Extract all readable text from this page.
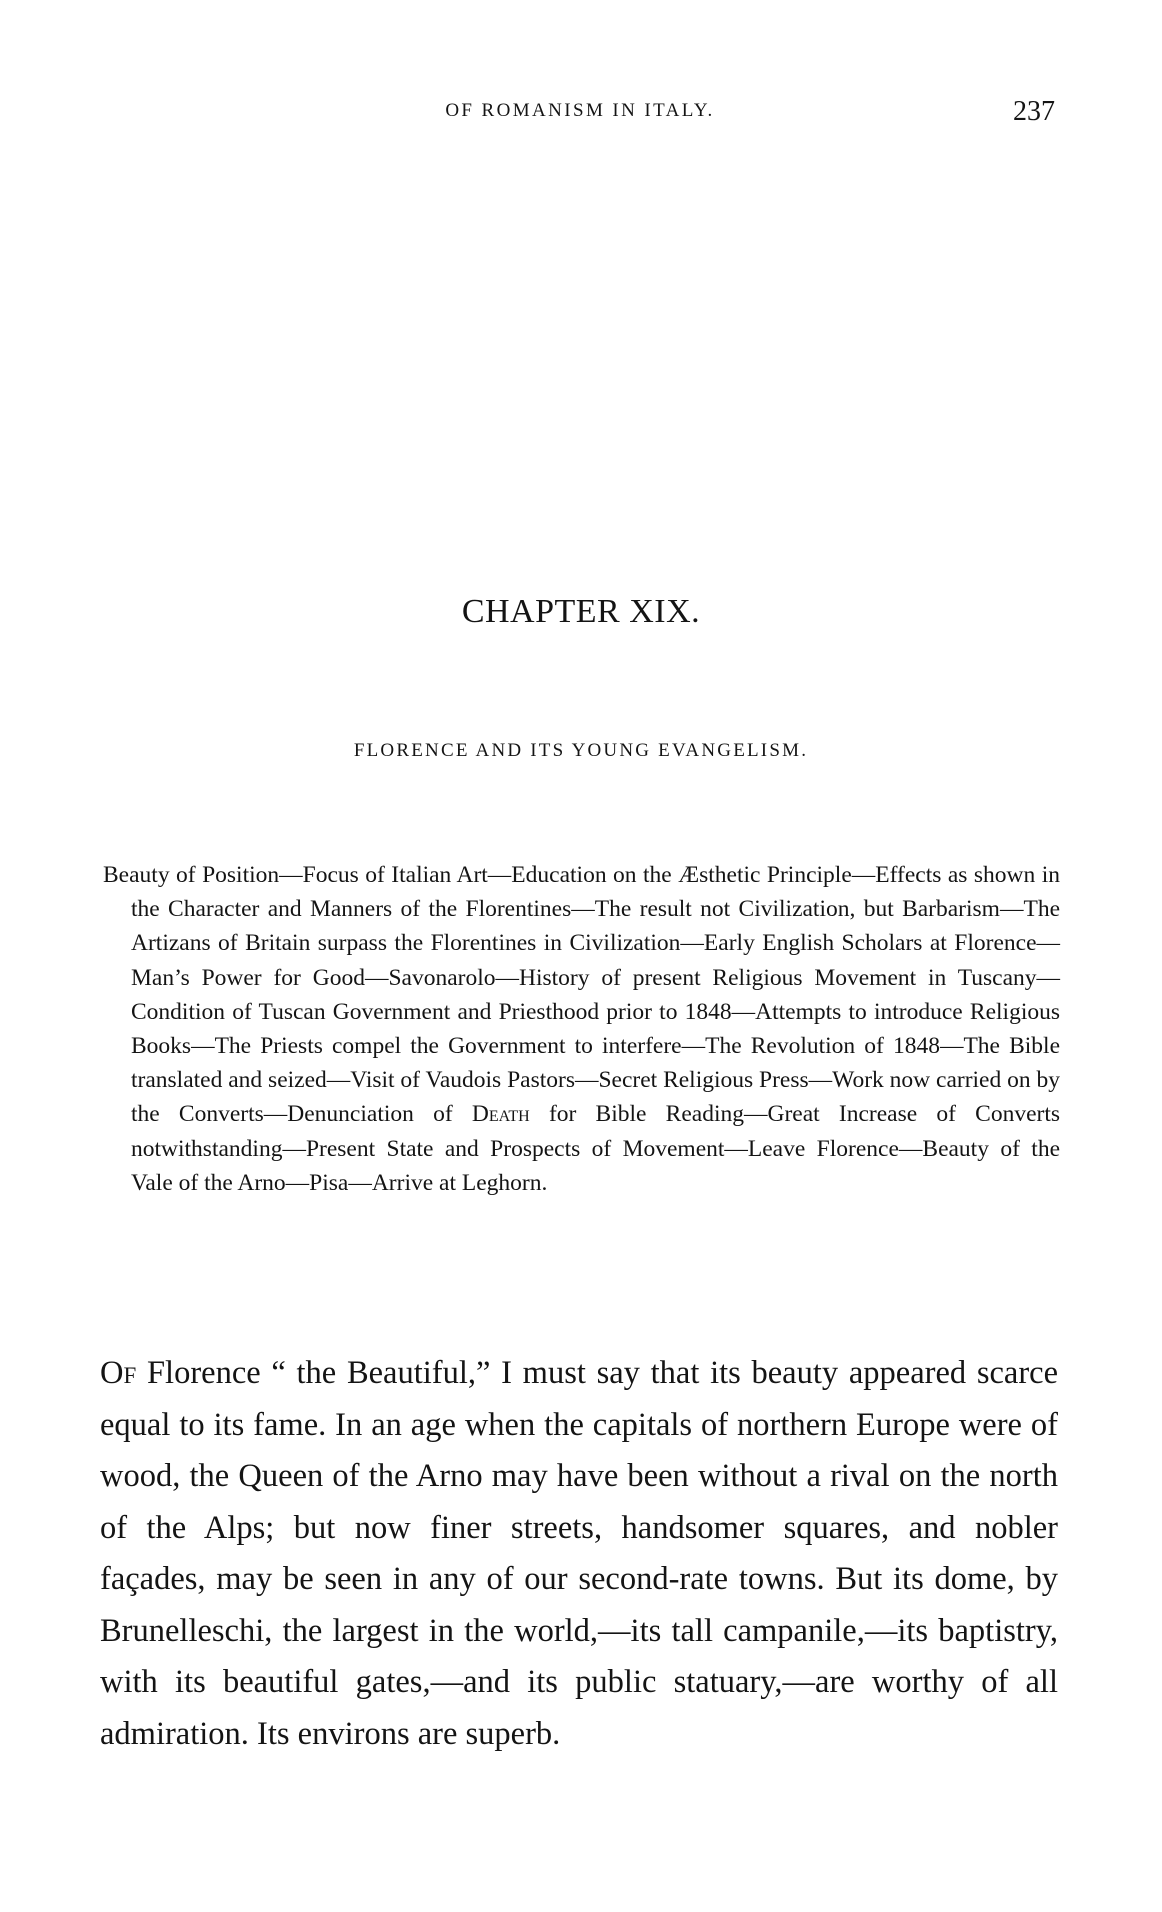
OF ROMANISM IN ITALY.	237
CHAPTER XIX.
FLORENCE AND ITS YOUNG EVANGELISM.
Beauty of Position—Focus of Italian Art—Education on the Æsthetic Principle—Effects as shown in the Character and Manners of the Florentines—The result not Civilization, but Barbarism—The Artizans of Britain surpass the Florentines in Civilization—Early English Scholars at Florence—Man’s Power for Good—Savonarolo—History of present Religious Movement in Tuscany—Condition of Tuscan Government and Priesthood prior to 1848—Attempts to introduce Religious Books—The Priests compel the Government to interfere—The Revolution of 1848—The Bible translated and seized—Visit of Vaudois Pastors—Secret Religious Press—Work now carried on by the Converts—Denunciation of Death for Bible Reading—Great Increase of Converts notwithstanding—Present State and Prospects of Movement—Leave Florence—Beauty of the Vale of the Arno—Pisa—Arrive at Leghorn.
Of Florence “ the Beautiful,” I must say that its beauty appeared scarce equal to its fame. In an age when the capitals of northern Europe were of wood, the Queen of the Arno may have been without a rival on the north of the Alps; but now finer streets, handsomer squares, and nobler façades, may be seen in any of our second-rate towns. But its dome, by Brunelleschi, the largest in the world,—its tall campanile,—its baptistry, with its beautiful gates,—and its public statuary,—are worthy of all admiration. Its environs are superb.
